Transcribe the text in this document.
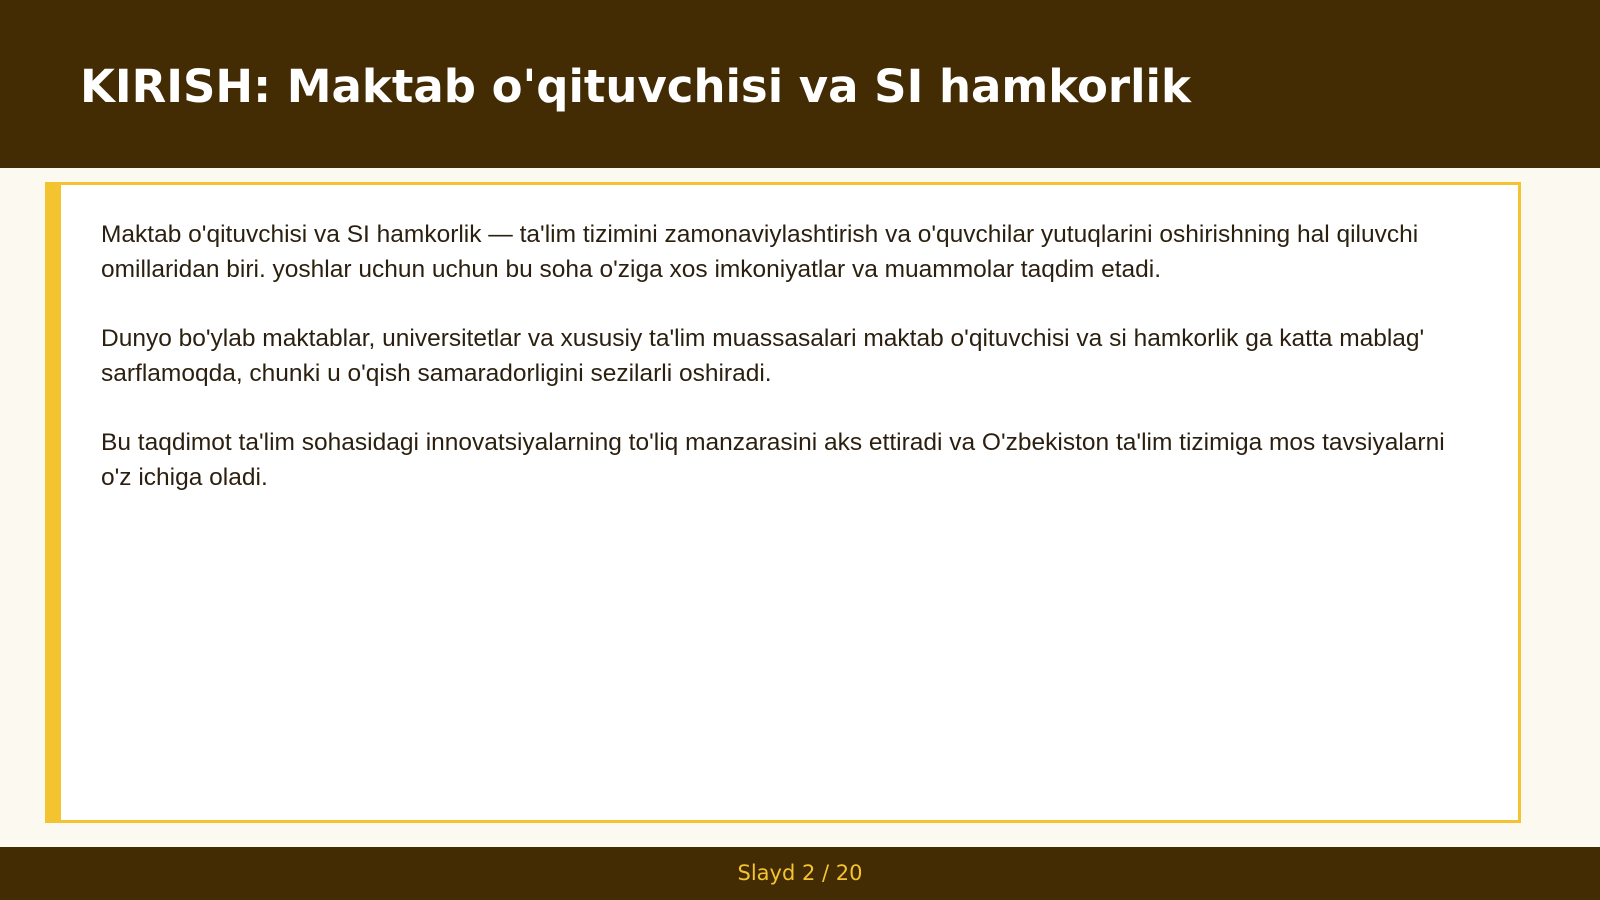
KIRISH: Maktab o'qituvchisi va SI hamkorlik

Maktab o'qituvchisi va SI hamkorlik — ta'lim tizimini zamonaviylashtirish va o'quvchilar yutuqlarini oshirishning hal qiluvchi omillaridan biri. yoshlar uchun uchun bu soha o'ziga xos imkoniyatlar va muammolar taqdim etadi.

Dunyo bo'ylab maktablar, universitetlar va xususiy ta'lim muassasalari maktab o'qituvchisi va si hamkorlik ga katta mablag' sarflamoqda, chunki u o'qish samaradorligini sezilarli oshiradi.

Bu taqdimot ta'lim sohasidagi innovatsiyalarning to'liq manzarasini aks ettiradi va O'zbekiston ta'lim tizimiga mos tavsiyalarni o'z ichiga oladi.

Slayd 2 / 20
